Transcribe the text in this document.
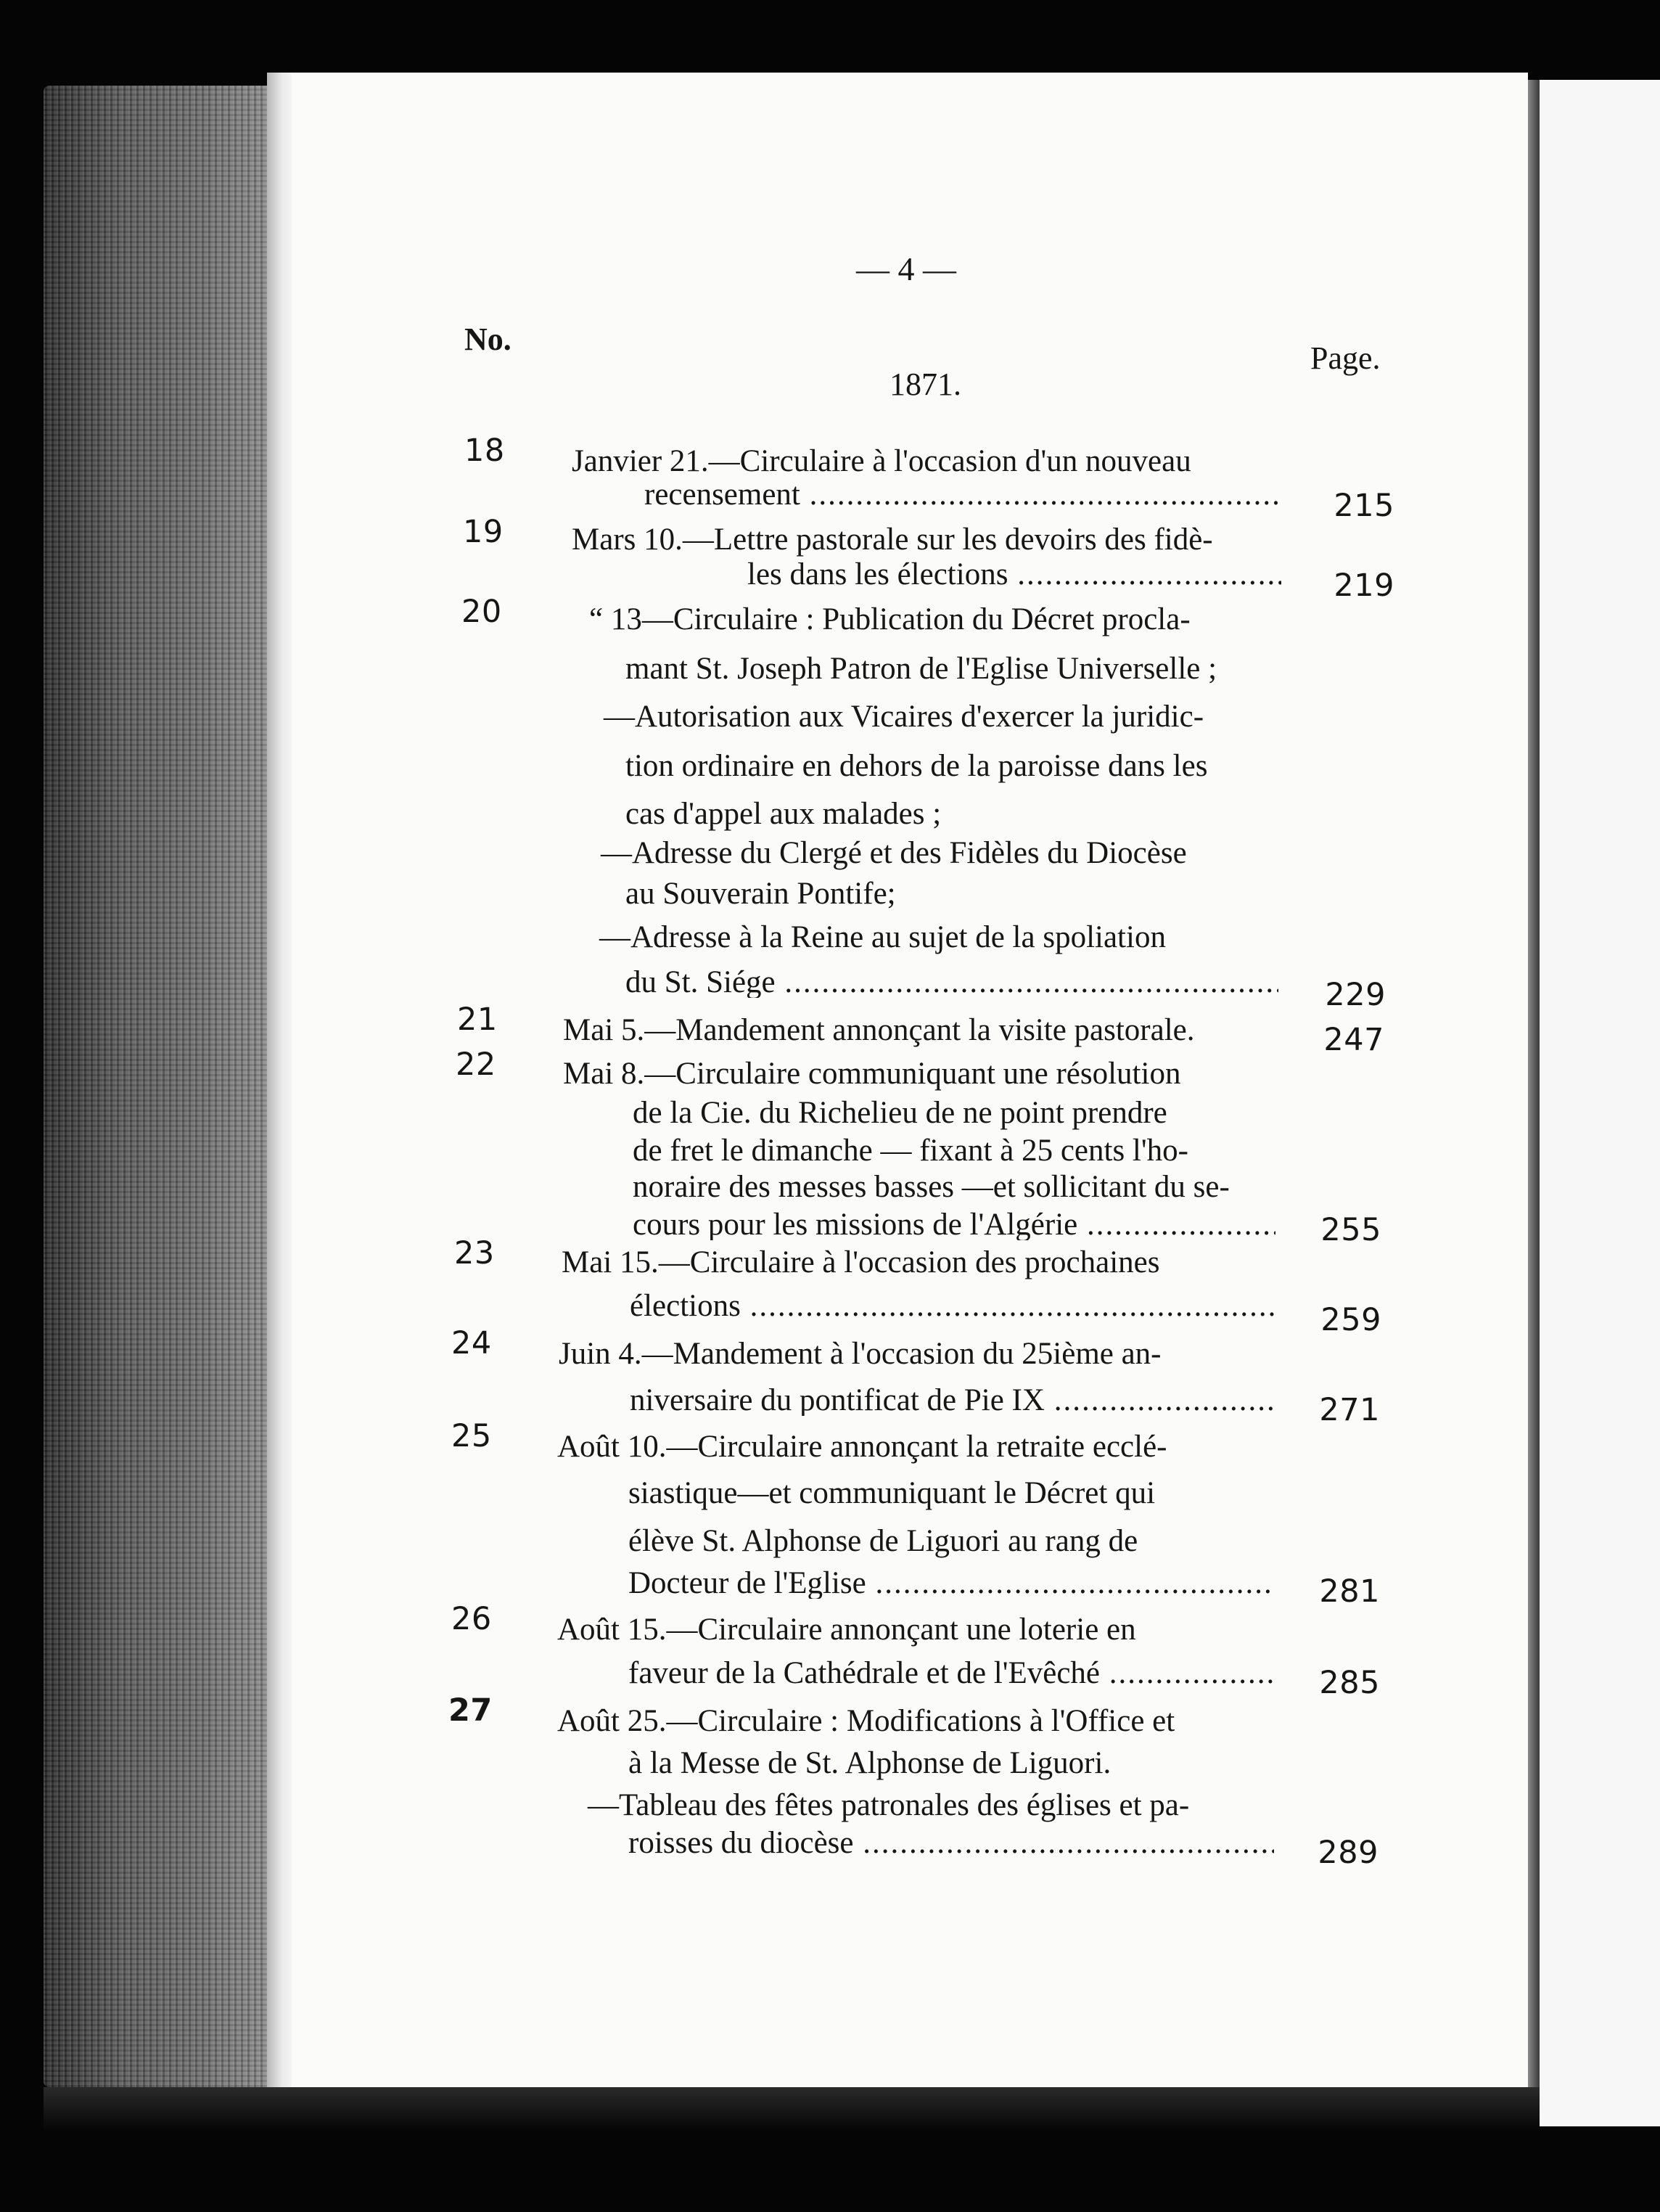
— 4 —
No.
Page.
1871.
18 Janvier 21.—Circulaire à l'occasion d'un nouveau
recensement .....	215
19 Mars 10.—Lettre pastorale sur les devoirs des fidè-
les dans les élections .....	219
20	“ 13—Circulaire : Publication du Décret procla-
mant St. Joseph Patron de l'Eglise Universelle ;
—Autorisation aux Vicaires d'exercer la juridic-
tion ordinaire en dehors de la paroisse dans les
cas d'appel aux malades ;
—Adresse du Clergé et des Fidèles du Diocèse
au Souverain Pontife;
—Adresse à la Reine au sujet de la spoliation
du St. Siége .....	229
21 Mai 5.—Mandement annonçant la visite pastorale.	247
22 Mai 8.—Circulaire communiquant une résolution
de la Cie. du Richelieu de ne point prendre
de fret le dimanche — fixant à 25 cents l'ho-
noraire des messes basses —et sollicitant du se-
cours pour les missions de l'Algérie .....	255
23 Mai 15.—Circulaire à l'occasion des prochaines
élections .....	259
24 Juin 4.—Mandement à l'occasion du 25ième an-
niversaire du pontificat de Pie IX .....	271
25 Août 10.—Circulaire annonçant la retraite ecclé-
siastique—et communiquant le Décret qui
élève St. Alphonse de Liguori au rang de
Docteur de l'Eglise .....	281
26 Août 15.—Circulaire annonçant une loterie en
faveur de la Cathédrale et de l'Evêché .....	285
27 Août 25.—Circulaire : Modifications à l'Office et
à la Messe de St. Alphonse de Liguori.
—Tableau des fêtes patronales des églises et pa-
roisses du diocèse .....	289
